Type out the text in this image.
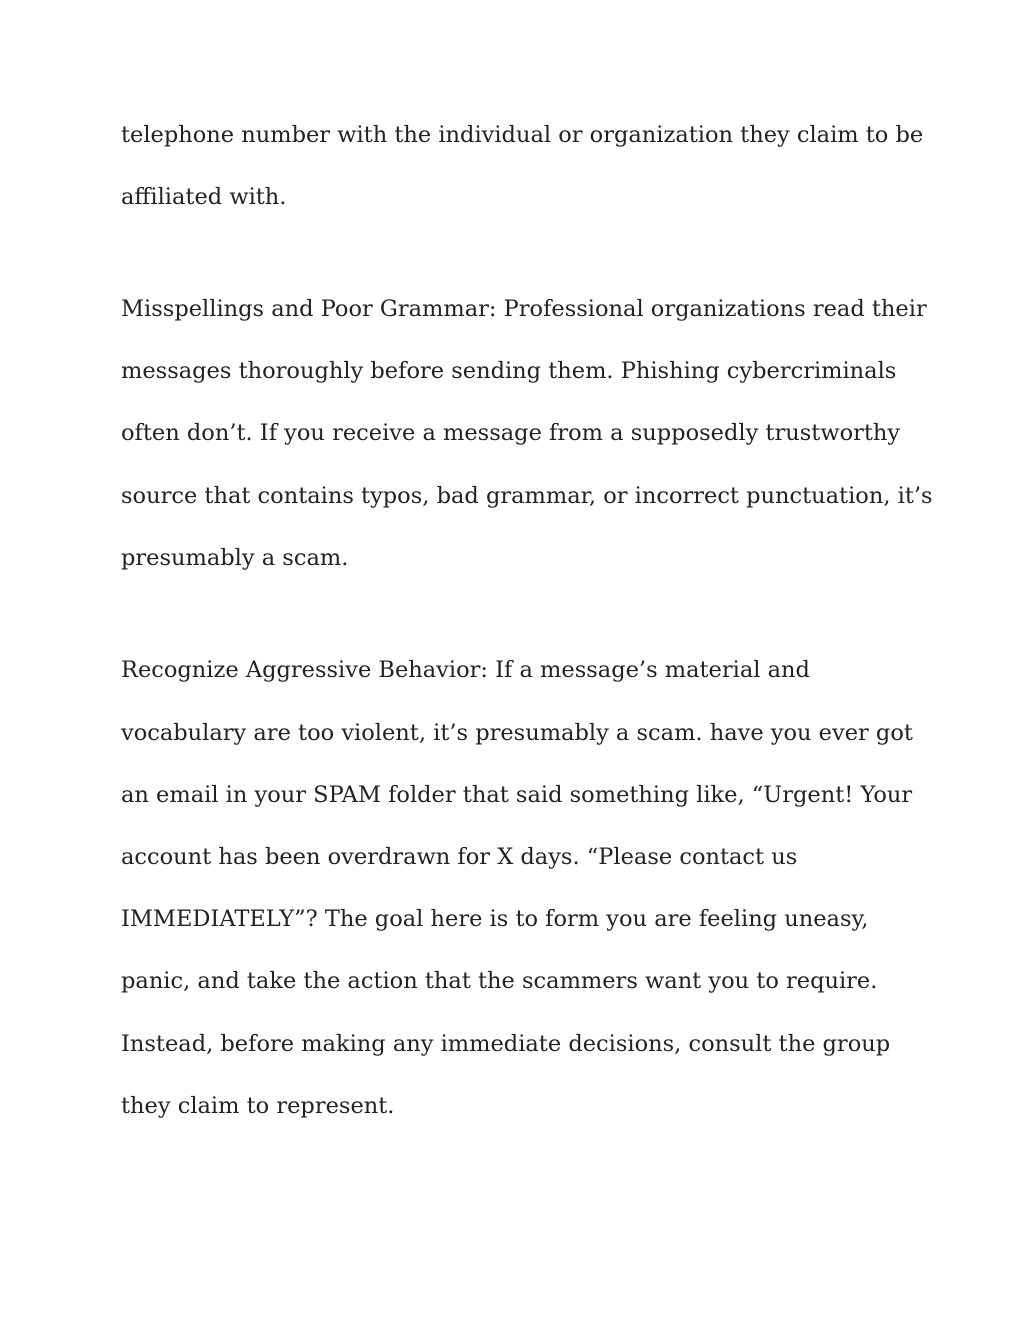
telephone number with the individual or organization they claim to be
affiliated with.
Misspellings and Poor Grammar: Professional organizations read their
messages thoroughly before sending them. Phishing cybercriminals
often don’t. If you receive a message from a supposedly trustworthy
source that contains typos, bad grammar, or incorrect punctuation, it’s
presumably a scam.
Recognize Aggressive Behavior: If a message’s material and
vocabulary are too violent, it’s presumably a scam. have you ever got
an email in your SPAM folder that said something like, “Urgent! Your
account has been overdrawn for X days. “Please contact us
IMMEDIATELY”? The goal here is to form you are feeling uneasy,
panic, and take the action that the scammers want you to require.
Instead, before making any immediate decisions, consult the group
they claim to represent.
